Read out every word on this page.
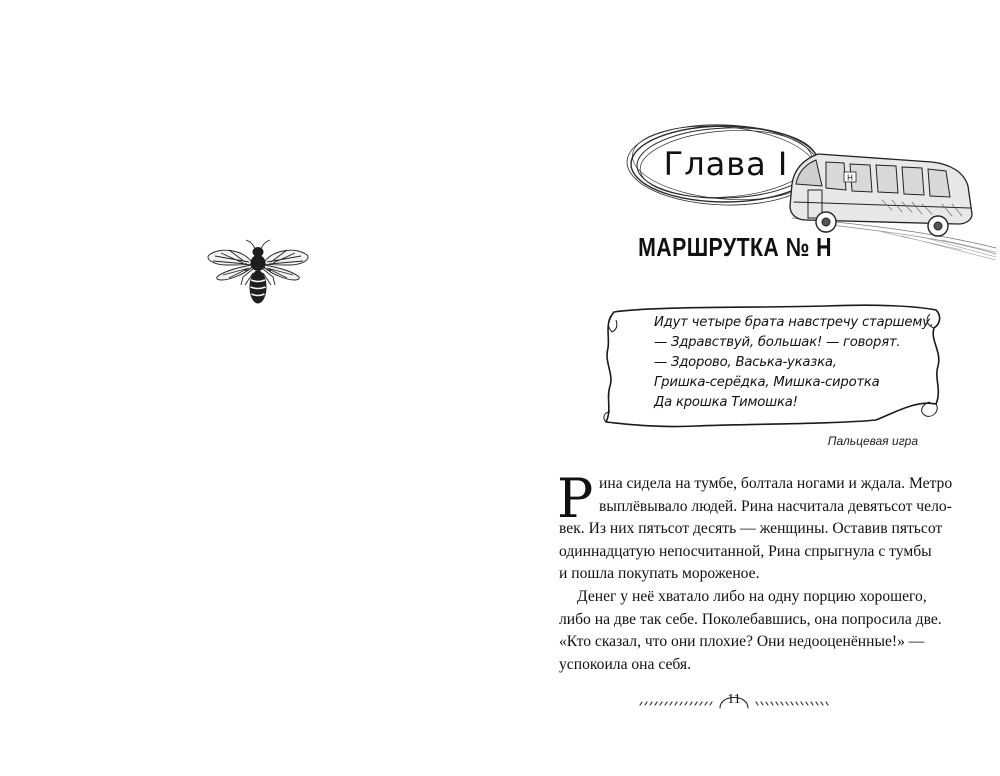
Глава I	Н
МАРШРУТКА № Н
Идут четыре брата навстречу старшему.
— Здравствуй, большак! — говорят.
— Здорово, Васька-указка,
Гришка-серёдка, Мишка-сиротка
Да крошка Тимошка!
Пальцевая игра
Р ина сидела на тумбе, болтала ногами и ждала. Метро
выплёвывало людей. Рина насчитала девятьсот чело-
век. Из них пятьсот десять — женщины. Оставив пятьсот
одиннадцатую непосчитанной, Рина спрыгнула с тумбы
и пошла покупать мороженое.
Денег у неё хватало либо на одну порцию хорошего,
либо на две так себе. Поколебавшись, она попросила две.
«Кто сказал, что они плохие? Они недооценённые!» —
успокоила она себя.
11
